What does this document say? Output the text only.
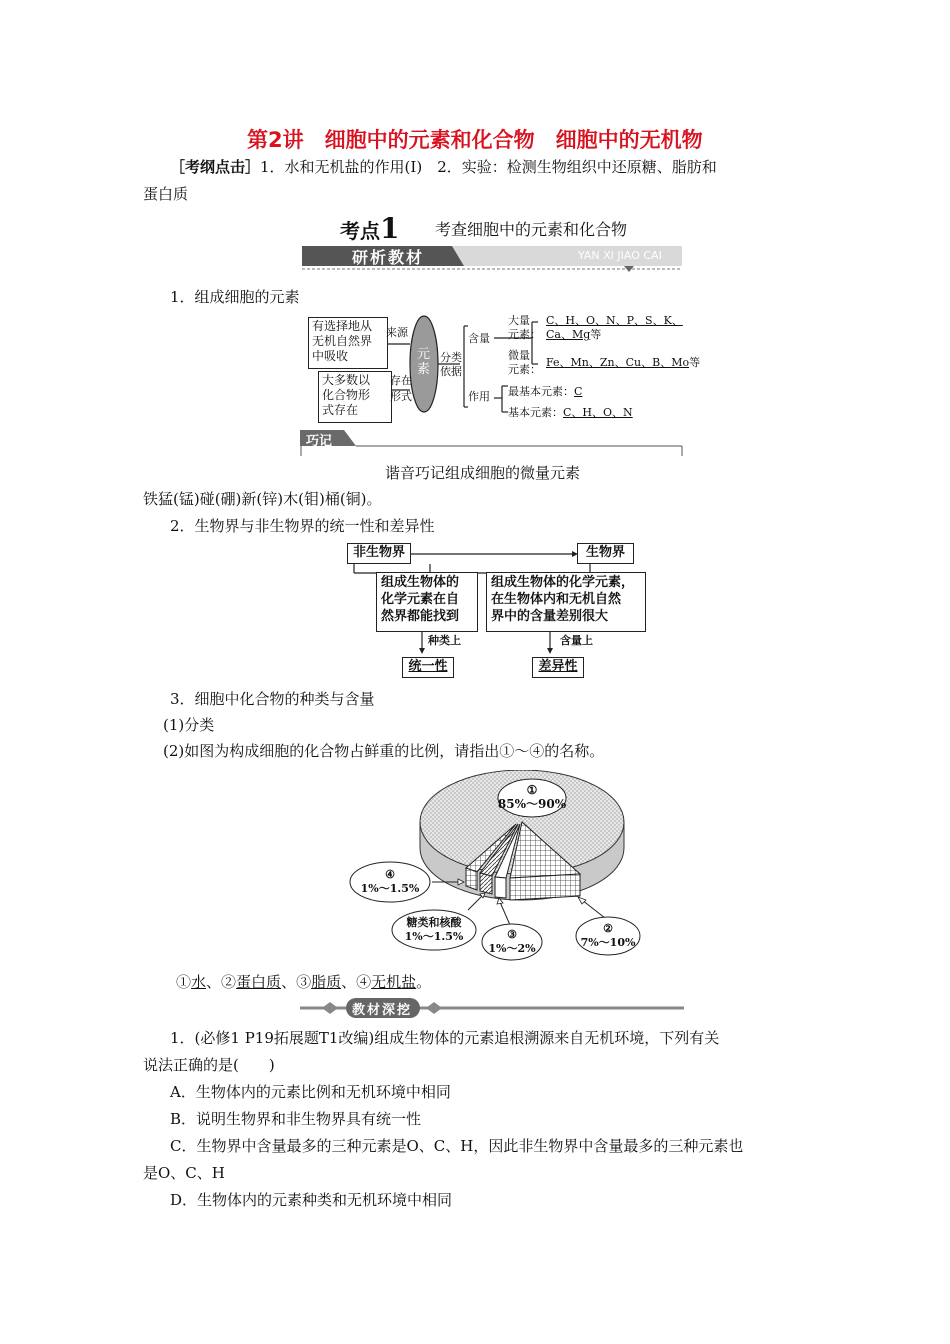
第2讲　细胞中的元素和化合物　细胞中的无机物
［考纲点击］1．水和无机盐的作用(Ⅰ)　2．实验：检测生物组织中还原糖、脂肪和
蛋白质
考点1 考查细胞中的元素和化合物
研析教材	YAN XI JIAO CAI
1．组成细胞的元素
有选择地从
无机自然界
中吸收
来源
大多数以
化合物形
式存在
存在
形式
元
素
分类
依据
含量
作用
大量
元素：
C、H、O、N、P、S、K、
Ca、Mg等
微量
元素：
Fe、Mn、Zn、Cu、B、Mo等
最基本元素：C
基本元素：C、H、O、N
巧记
谐音巧记组成细胞的微量元素
铁猛(锰)碰(硼)新(锌)木(钼)桶(铜)。
2．生物界与非生物界的统一性和差异性
非生物界	生物界
组成生物体的
化学元素在自
然界都能找到
组成生物体的化学元素，
在生物体内和无机自然
界中的含量差别很大
种类上	含量上
统一性	差异性
3．细胞中化合物的种类与含量
(1)分类
(2)如图为构成细胞的化合物占鲜重的比例，请指出①～④的名称。
①
85%～90%
④
1%～1.5%
糖类和核酸
1%～1.5%	③
1%～2%
②
7%～10%
①水、②蛋白质、③脂质、④无机盐。
教材深挖
1．(必修1 P19拓展题T1改编)组成生物体的元素追根溯源来自无机环境，下列有关
说法正确的是(　　)
A．生物体内的元素比例和无机环境中相同
B．说明生物界和非生物界具有统一性
C．生物界中含量最多的三种元素是O、C、H，因此非生物界中含量最多的三种元素也
是O、C、H
D．生物体内的元素种类和无机环境中相同
